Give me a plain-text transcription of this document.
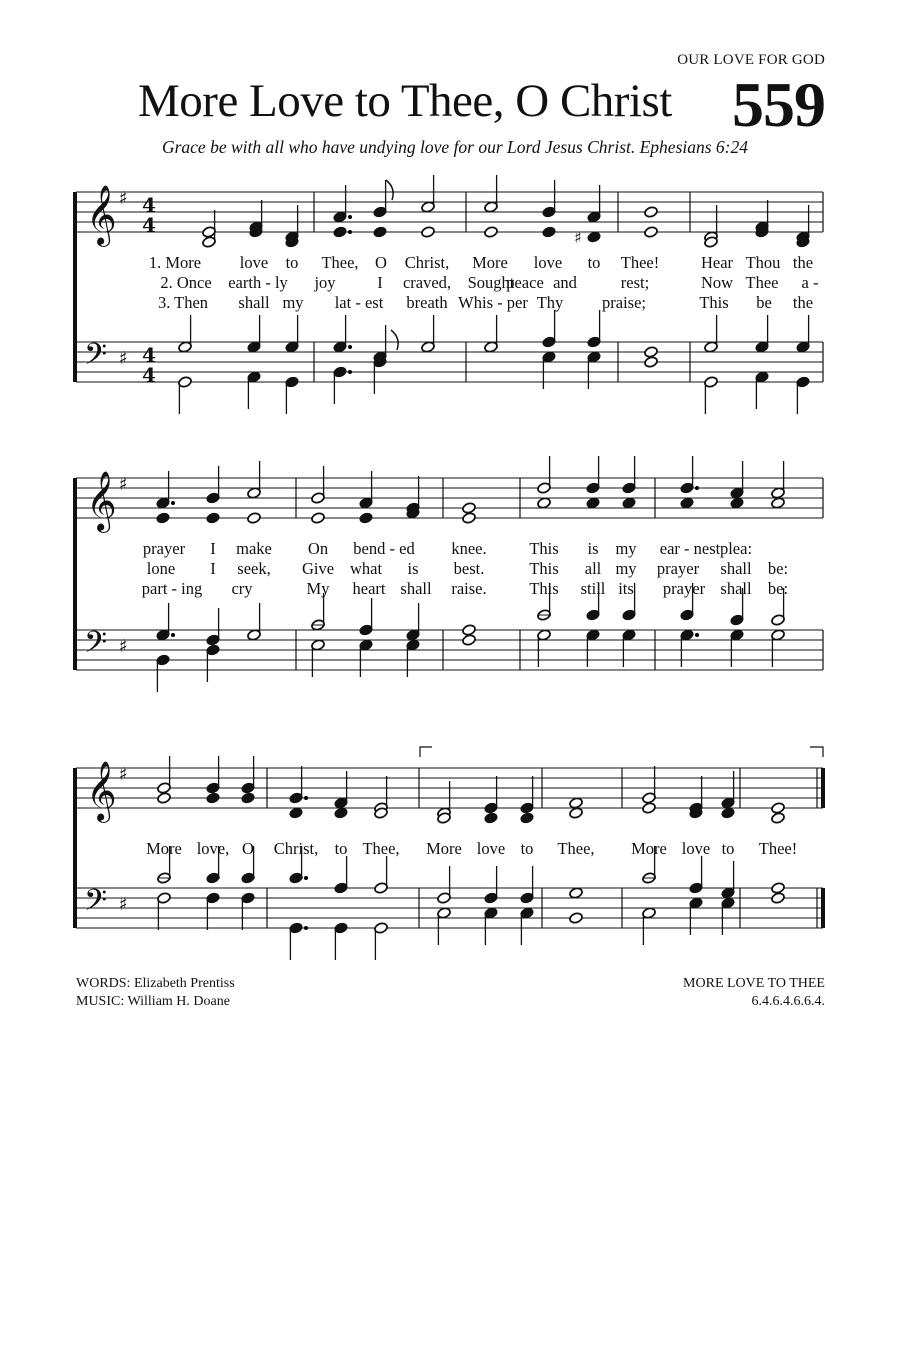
OUR LOVE FOR GOD
More Love to Thee, O Christ 559
Grace be with all who have undying love for our Lord Jesus Christ. Ephesians 6:24
𝄞
𝄢
♯
♯
4
4
4
4
♯
1. More love to Thee, O Christ, More love to Thee!	Hear Thou the
2. Once earth - ly joy	I craved, Sought
peace and	rest;	Now Thee a -
3. Then shall my lat - est breath Whis - per Thy praise;	This be the
𝄞
𝄢
♯
♯
prayer I make On bend - ed knee.	This is my ear - nest plea:
lone I seek, Give what is best.	This all my prayer shall be:
part - ing cry	My heart shall raise.	This still its prayer shall be:
𝄞
𝄢
♯
♯
More love, O Christ, to Thee, More love to Thee, More love to Thee!
WORDS: Elizabeth Prentiss
MUSIC: William H. Doane
MORE LOVE TO THEE
6.4.6.4.6.6.4.
